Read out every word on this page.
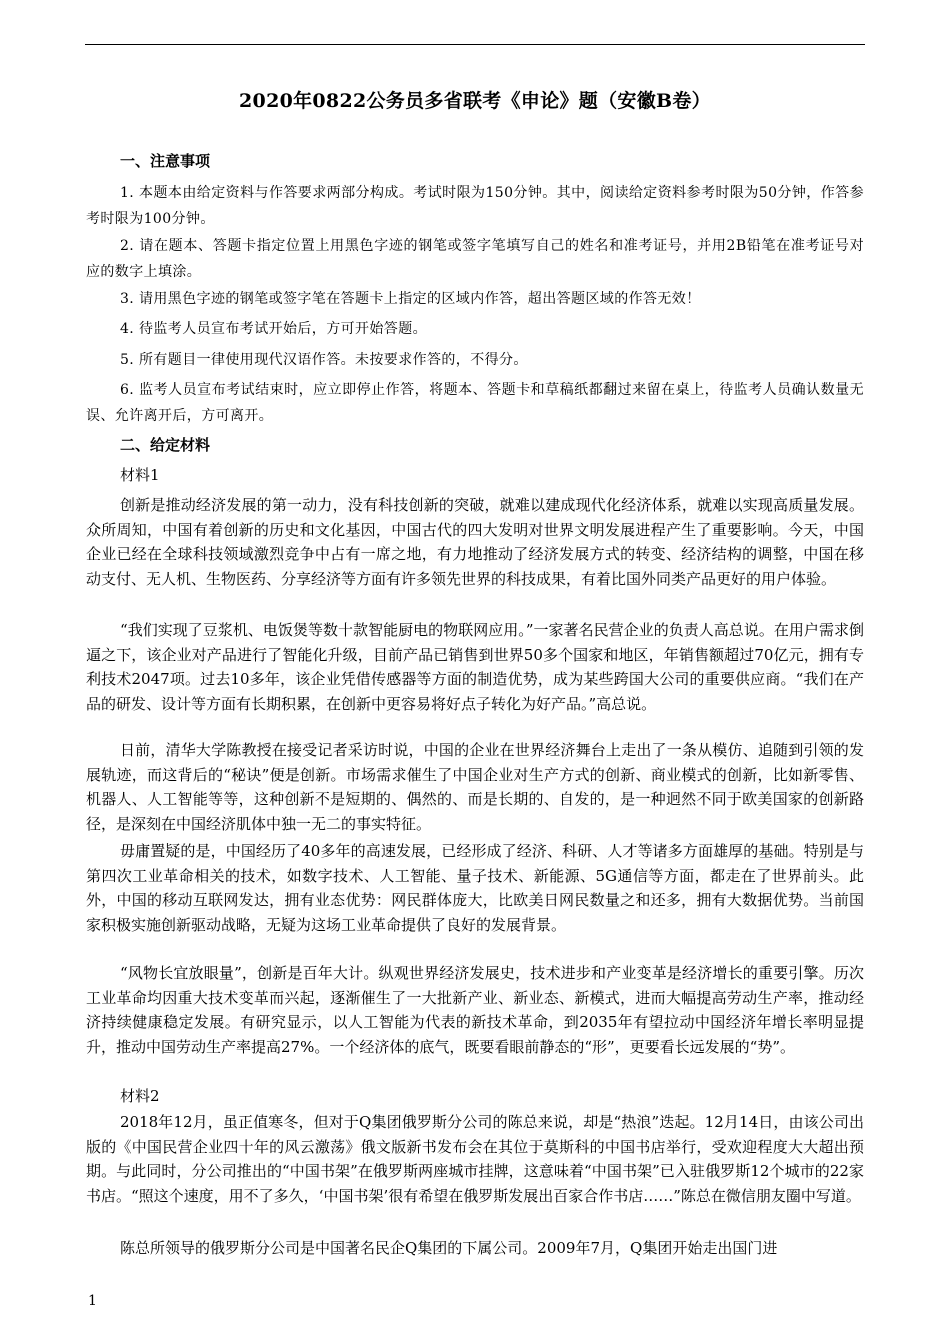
2020年0822公务员多省联考《申论》题（安徽B卷）
一、注意事项
1. 本题本由给定资料与作答要求两部分构成。考试时限为150分钟。其中，阅读给定资料参考时限为50分钟，作答参考时限为100分钟。
2. 请在题本、答题卡指定位置上用黑色字迹的钢笔或签字笔填写自己的姓名和准考证号，并用2B铅笔在准考证号对应的数字上填涂。
3. 请用黑色字迹的钢笔或签字笔在答题卡上指定的区域内作答，超出答题区域的作答无效！
4. 待监考人员宣布考试开始后，方可开始答题。
5. 所有题目一律使用现代汉语作答。未按要求作答的，不得分。
6. 监考人员宣布考试结束时，应立即停止作答，将题本、答题卡和草稿纸都翻过来留在桌上，待监考人员确认数量无误、允许离开后，方可离开。
二、给定材料
材料1
创新是推动经济发展的第一动力，没有科技创新的突破，就难以建成现代化经济体系，就难以实现高质量发展。众所周知，中国有着创新的历史和文化基因，中国古代的四大发明对世界文明发展进程产生了重要影响。今天，中国企业已经在全球科技领域激烈竞争中占有一席之地，有力地推动了经济发展方式的转变、经济结构的调整，中国在移动支付、无人机、生物医药、分享经济等方面有许多领先世界的科技成果，有着比国外同类产品更好的用户体验。
“我们实现了豆浆机、电饭煲等数十款智能厨电的物联网应用。”一家著名民营企业的负责人高总说。在用户需求倒逼之下，该企业对产品进行了智能化升级，目前产品已销售到世界50多个国家和地区，年销售额超过70亿元，拥有专利技术2047项。过去10多年，该企业凭借传感器等方面的制造优势，成为某些跨国大公司的重要供应商。“我们在产品的研发、设计等方面有长期积累，在创新中更容易将好点子转化为好产品。”高总说。
日前，清华大学陈教授在接受记者采访时说，中国的企业在世界经济舞台上走出了一条从模仿、追随到引领的发展轨迹，而这背后的“秘诀”便是创新。市场需求催生了中国企业对生产方式的创新、商业模式的创新，比如新零售、机器人、人工智能等等，这种创新不是短期的、偶然的、而是长期的、自发的，是一种迥然不同于欧美国家的创新路径，是深刻在中国经济肌体中独一无二的事实特征。
毋庸置疑的是，中国经历了40多年的高速发展，已经形成了经济、科研、人才等诸多方面雄厚的基础。特别是与第四次工业革命相关的技术，如数字技术、人工智能、量子技术、新能源、5G通信等方面，都走在了世界前头。此外，中国的移动互联网发达，拥有业态优势：网民群体庞大，比欧美日网民数量之和还多，拥有大数据优势。当前国家积极实施创新驱动战略，无疑为这场工业革命提供了良好的发展背景。
“风物长宜放眼量”，创新是百年大计。纵观世界经济发展史，技术进步和产业变革是经济增长的重要引擎。历次工业革命均因重大技术变革而兴起，逐渐催生了一大批新产业、新业态、新模式，进而大幅提高劳动生产率，推动经济持续健康稳定发展。有研究显示，以人工智能为代表的新技术革命，到2035年有望拉动中国经济年增长率明显提升，推动中国劳动生产率提高27%。一个经济体的底气，既要看眼前静态的“形”，更要看长远发展的“势”。
材料2
2018年12月，虽正值寒冬，但对于Q集团俄罗斯分公司的陈总来说，却是“热浪”迭起。12月14日，由该公司出版的《中国民营企业四十年的风云激荡》俄文版新书发布会在其位于莫斯科的中国书店举行，受欢迎程度大大超出预期。与此同时，分公司推出的“中国书架”在俄罗斯两座城市挂牌，这意味着“中国书架”已入驻俄罗斯12个城市的22家书店。“照这个速度，用不了多久，‘中国书架’很有希望在俄罗斯发展出百家合作书店……”陈总在微信朋友圈中写道。
陈总所领导的俄罗斯分公司是中国著名民企Q集团的下属公司。2009年7月，Q集团开始走出国门进
1
